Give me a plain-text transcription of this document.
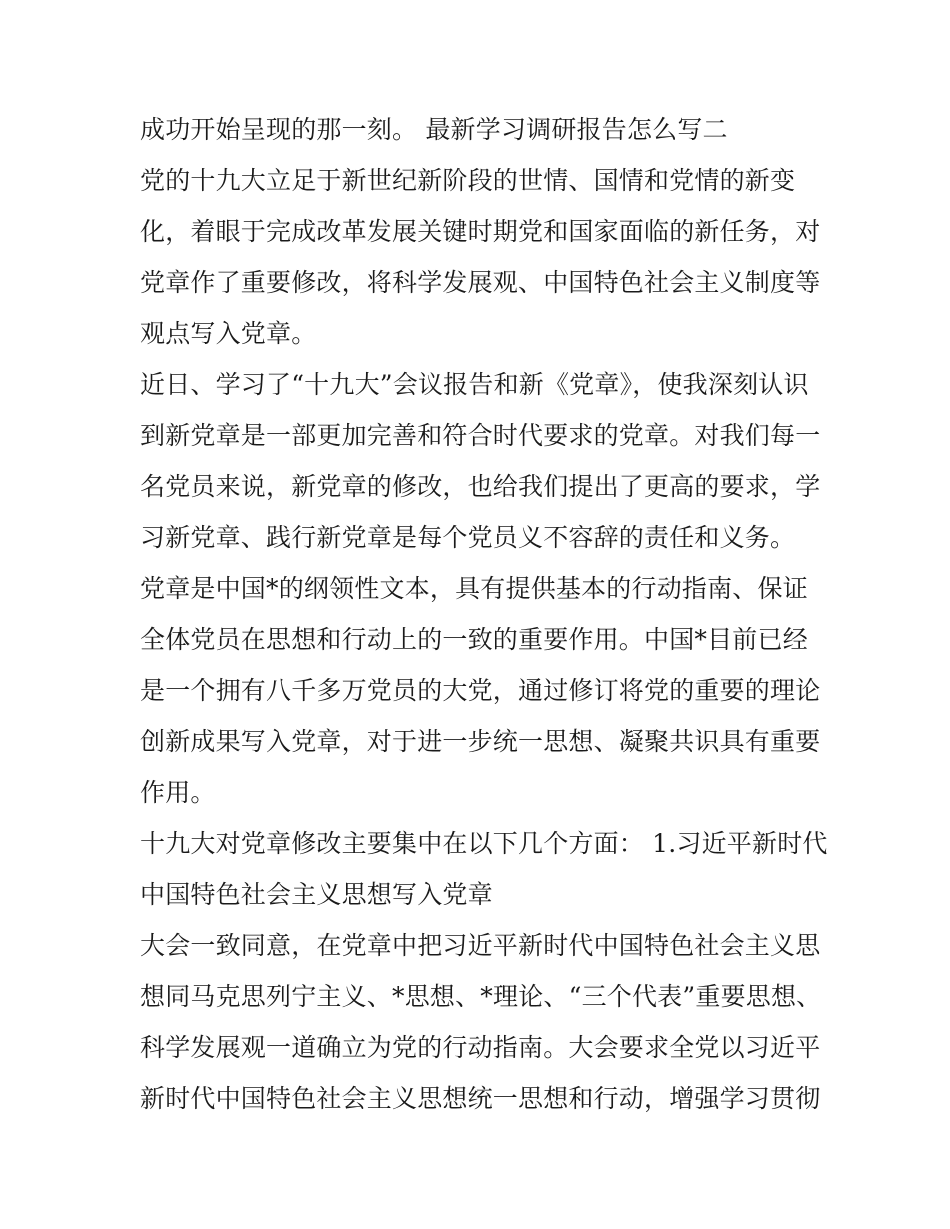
成功开始呈现的那一刻。 最新学习调研报告怎么写二

党的十九大立足于新世纪新阶段的世情、国情和党情的新变
化，着眼于完成改革发展关键时期党和国家面临的新任务，对
党章作了重要修改，将科学发展观、中国特色社会主义制度等
观点写入党章。

近日、学习了“十九大”会议报告和新《党章》，使我深刻认识
到新党章是一部更加完善和符合时代要求的党章。对我们每一
名党员来说，新党章的修改，也给我们提出了更高的要求，学
习新党章、践行新党章是每个党员义不容辞的责任和义务。

党章是中国*的纲领性文本，具有提供基本的行动指南、保证
全体党员在思想和行动上的一致的重要作用。中国*目前已经
是一个拥有八千多万党员的大党，通过修订将党的重要的理论
创新成果写入党章，对于进一步统一思想、凝聚共识具有重要
作用。

十九大对党章修改主要集中在以下几个方面： 1.习近平新时代
中国特色社会主义思想写入党章

大会一致同意，在党章中把习近平新时代中国特色社会主义思
想同马克思列宁主义、*思想、*理论、“三个代表”重要思想、
科学发展观一道确立为党的行动指南。大会要求全党以习近平
新时代中国特色社会主义思想统一思想和行动，增强学习贯彻
